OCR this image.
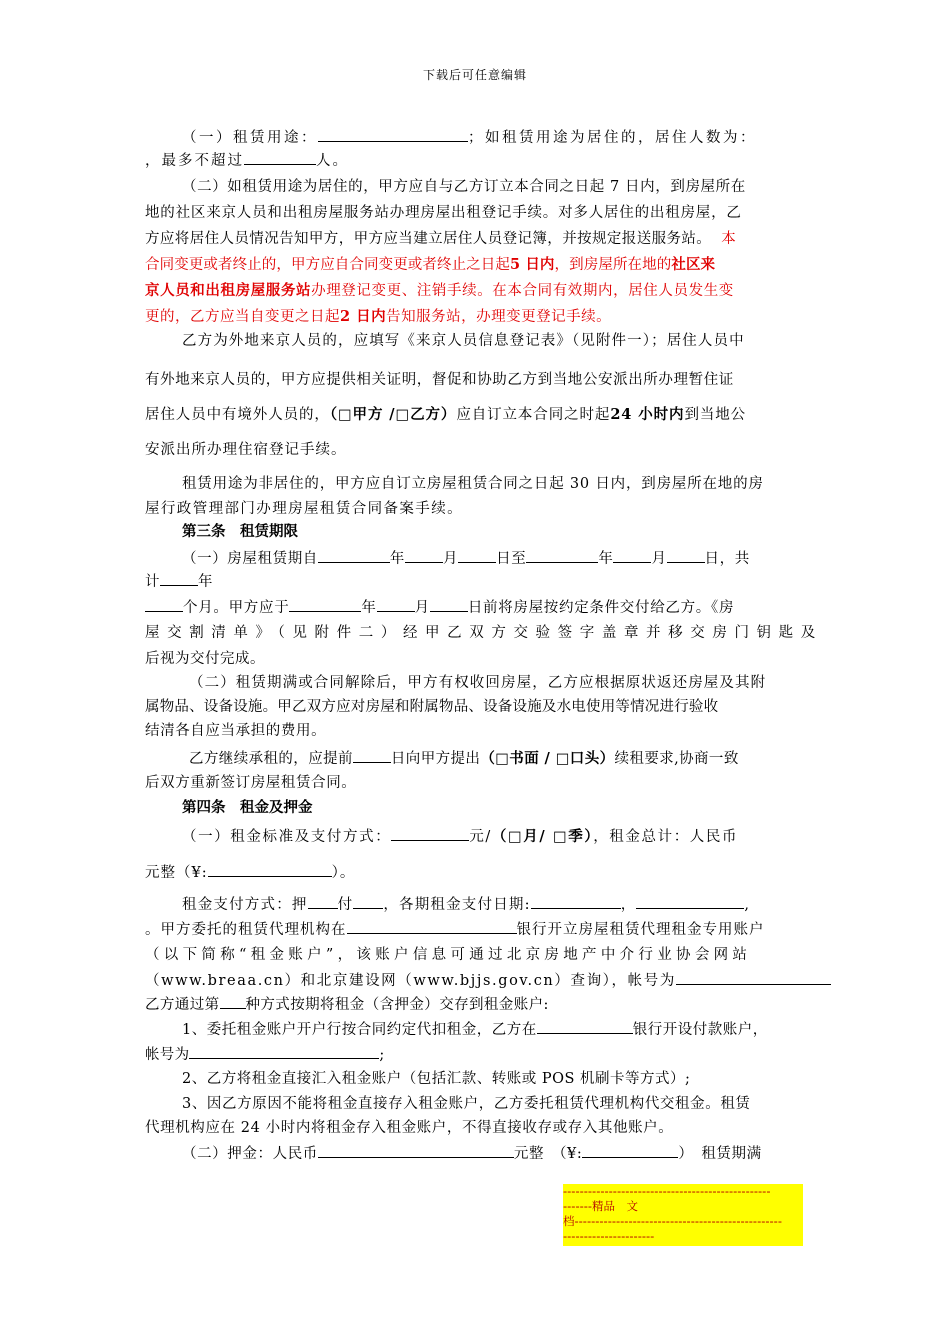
下载后可任意编辑
（一）租赁用途：	；如租赁用途为居住的，居住人数为：
，最多不超过	人。
（二）如租赁用途为居住的，甲方应自与乙方订立本合同之日起 7 日内，到房屋所在
地的社区来京人员和出租房屋服务站办理房屋出租登记手续。对多人居住的出租房屋，乙
方应将居住人员情况告知甲方，甲方应当建立居住人员登记簿，并按规定报送服务站。 本
合同变更或者终止的，甲方应自合同变更或者终止之日起5 日内，到房屋所在地的社区来
京人员和出租房屋服务站办理登记变更、注销手续。在本合同有效期内，居住人员发生变
更的，乙方应当自变更之日起2 日内告知服务站，办理变更登记手续。
乙方为外地来京人员的，应填写《来京人员信息登记表》（见附件一）；居住人员中
有外地来京人员的，甲方应提供相关证明，督促和协助乙方到当地公安派出所办理暂住证
居住人员中有境外人员的，（□甲方 /□乙方）应自订立本合同之时起24 小时内到当地公
安派出所办理住宿登记手续。
租赁用途为非居住的，甲方应自订立房屋租赁合同之日起 30 日内，到房屋所在地的房
屋行政管理部门办理房屋租赁合同备案手续。
第三条　租赁期限
（一）房屋租赁期自	年	月	日至	年	月	日，共
计	年
个月。甲方应于	年	月	日前将房屋按约定条件交付给乙方。《房
屋交割清单》（见附件二）经甲乙双方交验签字盖章并移交房门钥匙及
后视为交付完成。
（二）租赁期满或合同解除后，甲方有权收回房屋，乙方应根据原状返还房屋及其附
属物品、设备设施。甲乙双方应对房屋和附属物品、设备设施及水电使用等情况进行验收
结清各自应当承担的费用。
乙方继续承租的，应提前	日向甲方提出（□书面 / □口头）续租要求,协商一致
后双方重新签订房屋租赁合同。
第四条　租金及押金
（一）租金标准及支付方式：	元/（□月/ □季），租金总计：人民币
元整（¥:	）。
租金支付方式：押 付 ，各期租金支付日期:	，	,
。甲方委托的租赁代理机构在	银行开立房屋租赁代理租金专用账户
（以下简称“租金账户”，该账户信息可通过北京房地产中介行业协会网站
（www.breaa.cn）和北京建设网（www.bjjs.gov.cn）查询），帐号为
乙方通过第 种方式按期将租金（含押金）交存到租金账户:
1、委托租金账户开户行按合同约定代扣租金，乙方在	银行开设付款账户，
帐号为	;
2、乙方将租金直接汇入租金账户（包括汇款、转账或 POS 机刷卡等方式）;
3、因乙方原因不能将租金直接存入租金账户，乙方委托租赁代理机构代交租金。租赁
代理机构应在 24 小时内将租金存入租金账户，不得直接收存或存入其他账户。
（二）押金：人民币	元整　（¥:	）　租赁期满
--------------------------------------------------
-------精品　文
档--------------------------------------------------
----------------------
